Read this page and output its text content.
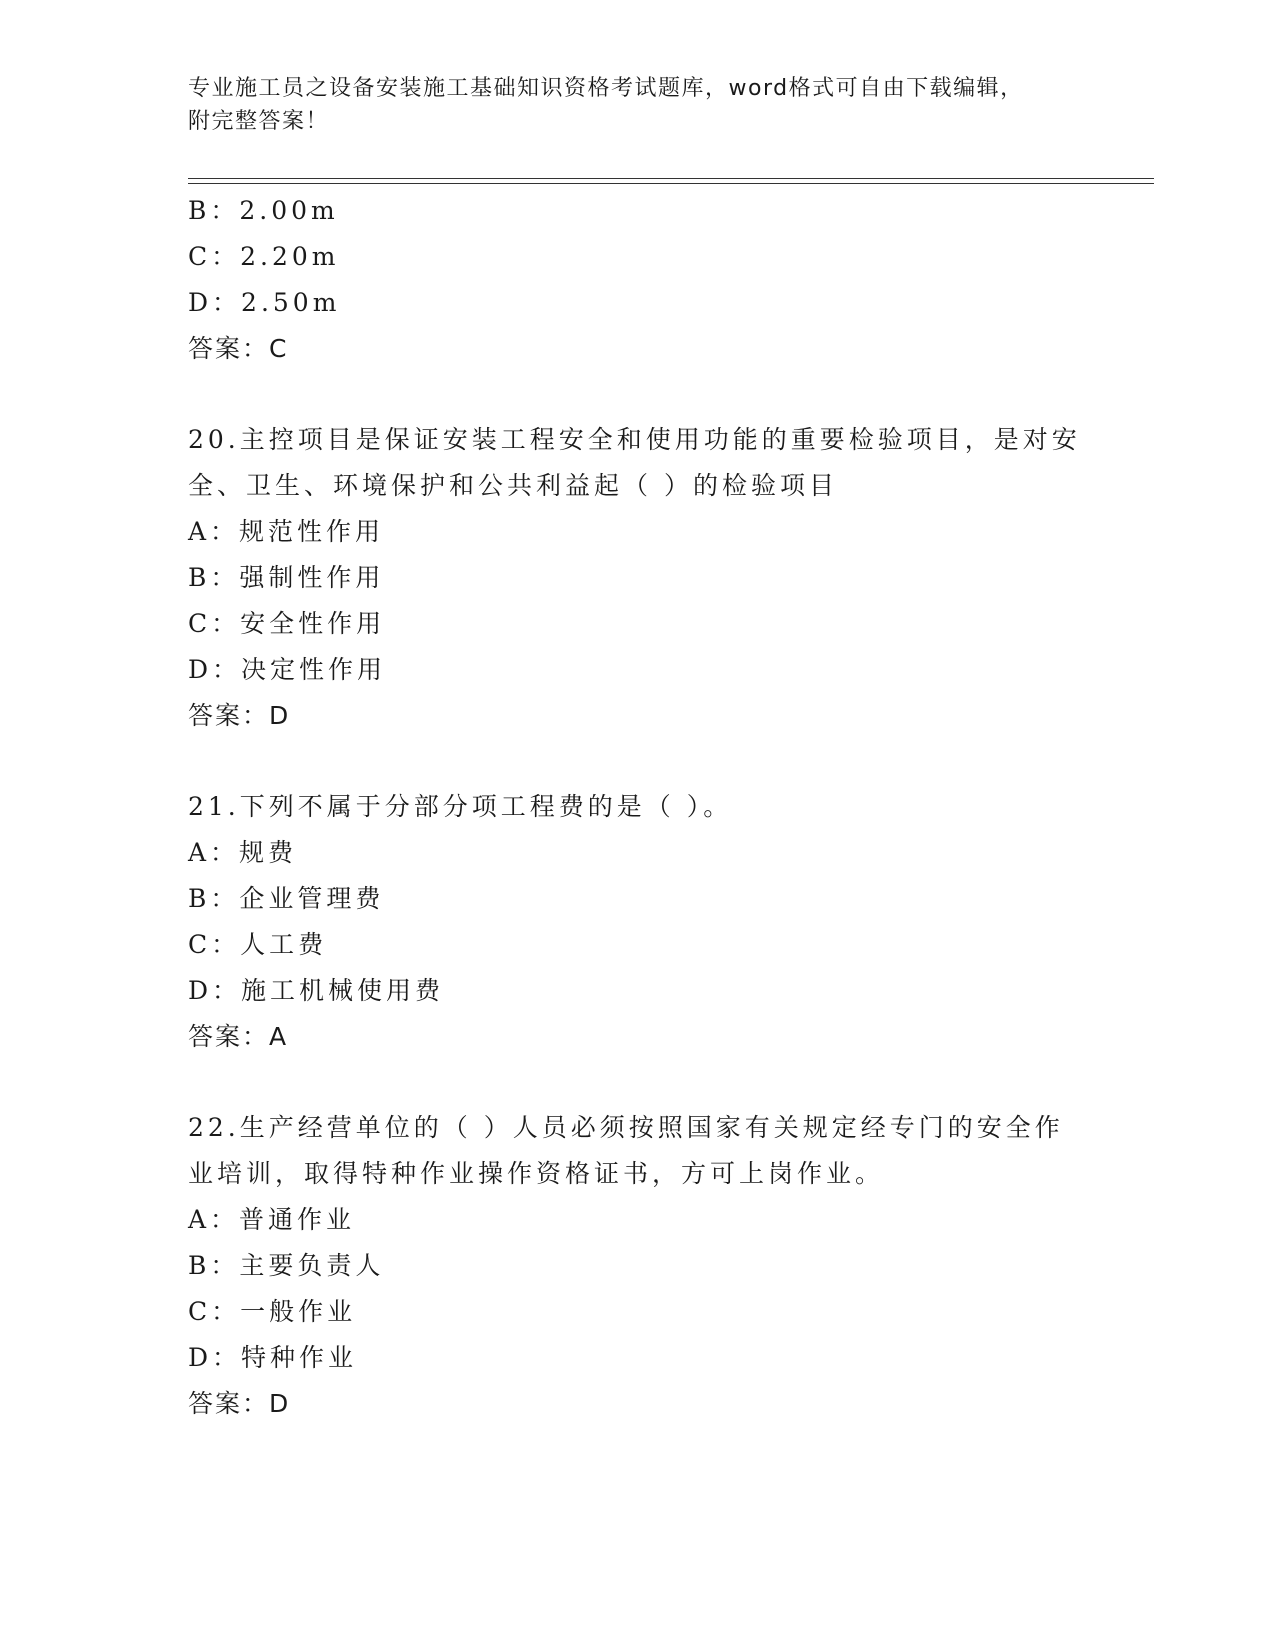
专业施工员之设备安装施工基础知识资格考试题库，word格式可自由下载编辑，
附完整答案！
B：2.00m
C：2.20m
D：2.50m
答案：C
20.主控项目是保证安装工程安全和使用功能的重要检验项目，是对安
全、卫生、环境保护和公共利益起（ ）的检验项目
A：规范性作用
B：强制性作用
C：安全性作用
D：决定性作用
答案：D
21.下列不属于分部分项工程费的是（ ）。
A：规费
B：企业管理费
C：人工费
D：施工机械使用费
答案：A
22.生产经营单位的（ ）人员必须按照国家有关规定经专门的安全作
业培训，取得特种作业操作资格证书，方可上岗作业。
A：普通作业
B：主要负责人
C：一般作业
D：特种作业
答案：D
